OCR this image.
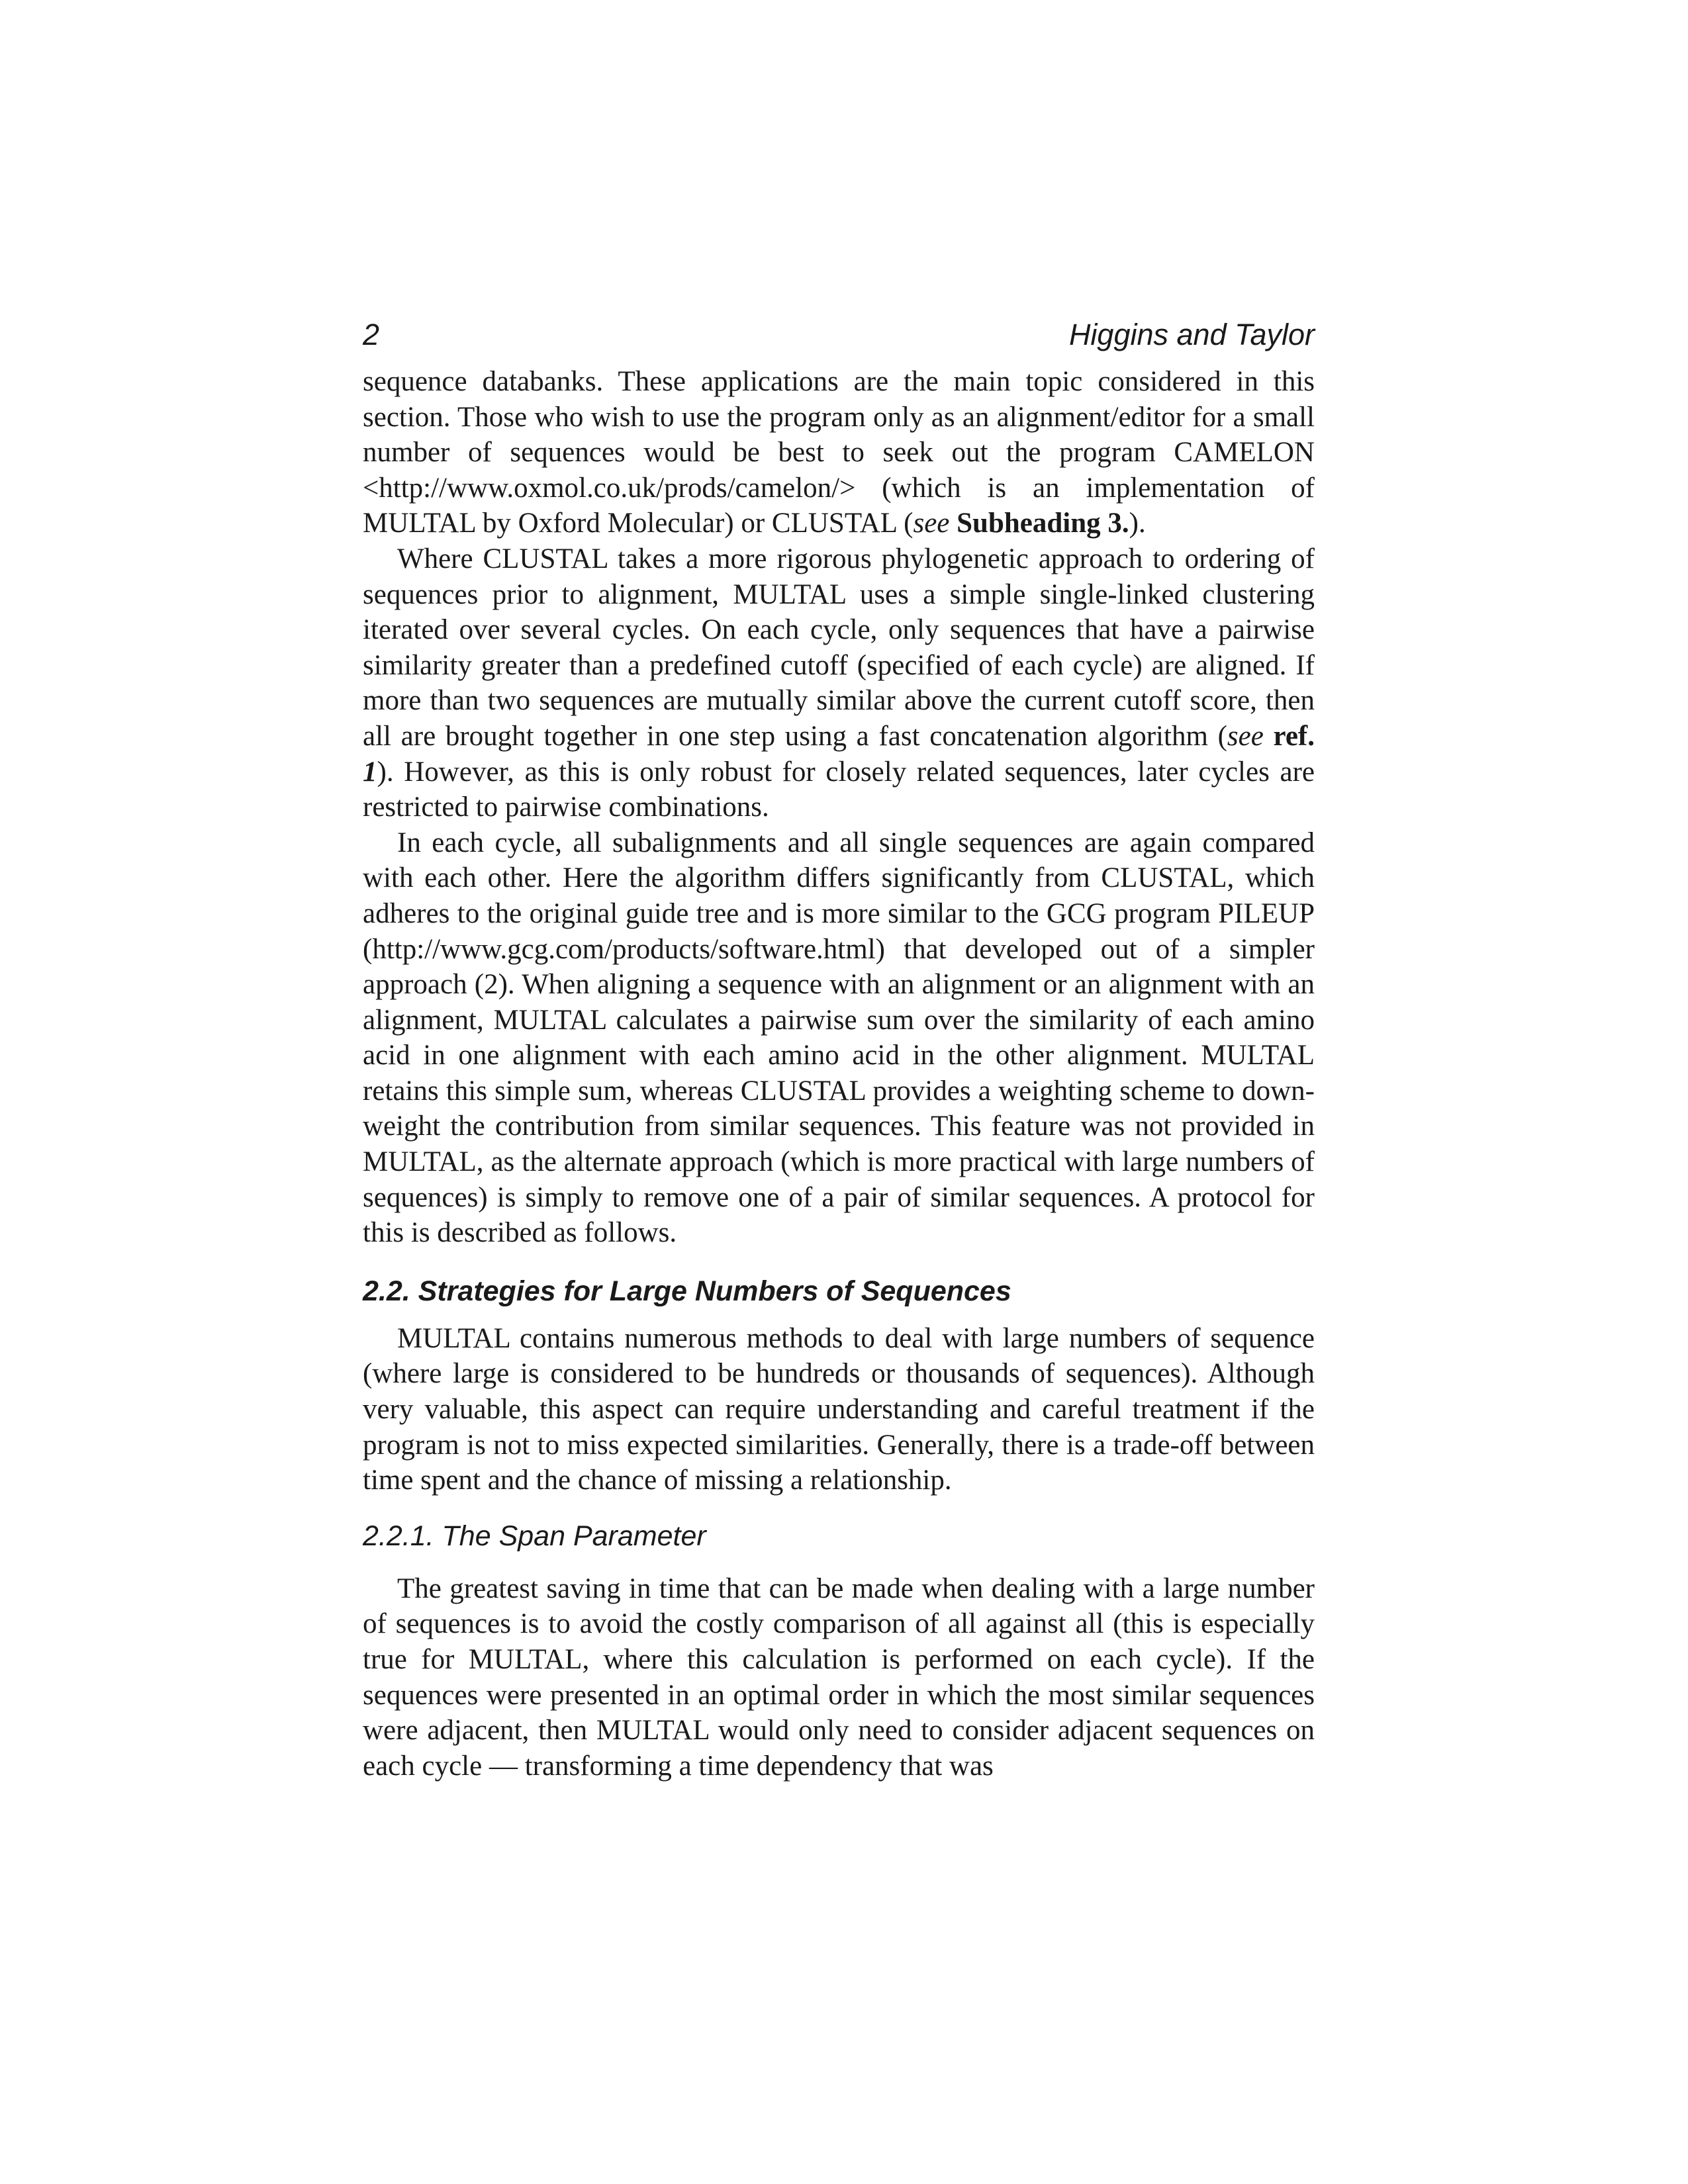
2	Higgins and Taylor

sequence databanks. These applications are the main topic considered in this section. Those who wish to use the program only as an alignment/editor for a small number of sequences would be best to seek out the program CAMELON <http://www.oxmol.co.uk/prods/camelon/> (which is an implementation of MULTAL by Oxford Molecular) or CLUSTAL (see Subheading 3.).

Where CLUSTAL takes a more rigorous phylogenetic approach to ordering of sequences prior to alignment, MULTAL uses a simple single-linked clustering iterated over several cycles. On each cycle, only sequences that have a pairwise similarity greater than a predefined cutoff (specified of each cycle) are aligned. If more than two sequences are mutually similar above the current cutoff score, then all are brought together in one step using a fast concatenation algorithm (see ref. 1). However, as this is only robust for closely related sequences, later cycles are restricted to pairwise combinations.

In each cycle, all subalignments and all single sequences are again compared with each other. Here the algorithm differs significantly from CLUSTAL, which adheres to the original guide tree and is more similar to the GCG program PILEUP (http://www.gcg.com/products/software.html) that developed out of a simpler approach (2). When aligning a sequence with an alignment or an alignment with an alignment, MULTAL calculates a pairwise sum over the similarity of each amino acid in one alignment with each amino acid in the other alignment. MULTAL retains this simple sum, whereas CLUSTAL provides a weighting scheme to down-weight the contribution from similar sequences. This feature was not provided in MULTAL, as the alternate approach (which is more practical with large numbers of sequences) is simply to remove one of a pair of similar sequences. A protocol for this is described as follows.

2.2. Strategies for Large Numbers of Sequences

MULTAL contains numerous methods to deal with large numbers of sequence (where large is considered to be hundreds or thousands of sequences). Although very valuable, this aspect can require understanding and careful treatment if the program is not to miss expected similarities. Generally, there is a trade-off between time spent and the chance of missing a relationship.

2.2.1. The Span Parameter

The greatest saving in time that can be made when dealing with a large number of sequences is to avoid the costly comparison of all against all (this is especially true for MULTAL, where this calculation is performed on each cycle). If the sequences were presented in an optimal order in which the most similar sequences were adjacent, then MULTAL would only need to consider adjacent sequences on each cycle — transforming a time dependency that was
